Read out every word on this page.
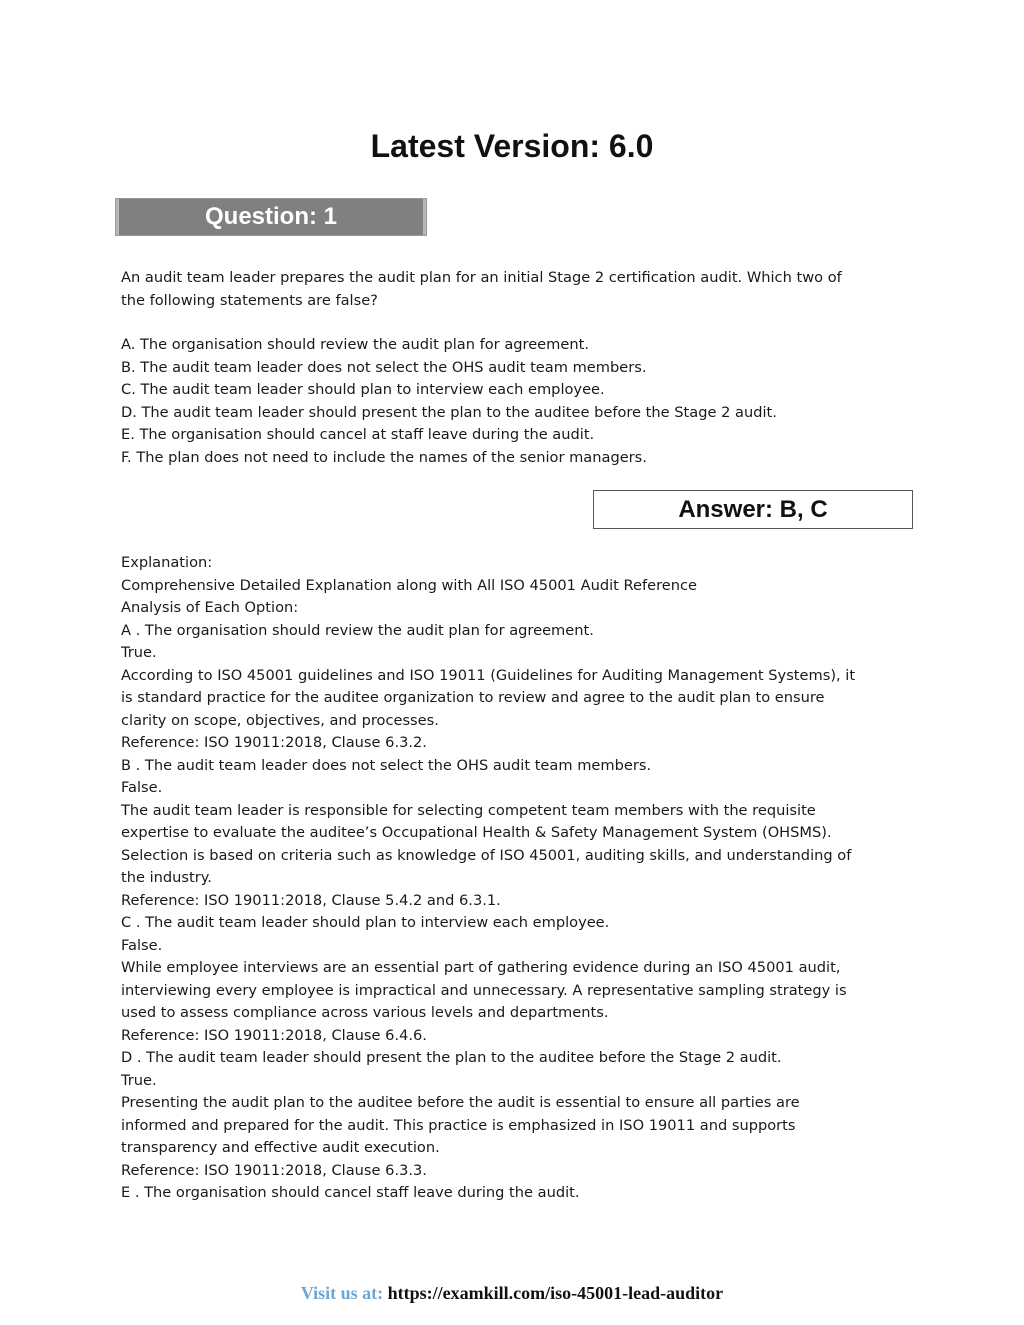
Latest Version: 6.0
Question: 1

An audit team leader prepares the audit plan for an initial Stage 2 certification audit. Which two of

the following statements are false?

A. The organisation should review the audit plan for agreement.
B. The audit team leader does not select the OHS audit team members.
C. The audit team leader should plan to interview each employee.
D. The audit team leader should present the plan to the auditee before the Stage 2 audit.
E. The organisation should cancel at staff leave during the audit.
F. The plan does not need to include the names of the senior managers.
Answer: B, C
Explanation:
Comprehensive Detailed Explanation along with All ISO 45001 Audit Reference
Analysis of Each Option:
A . The organisation should review the audit plan for agreement.
True.
According to ISO 45001 guidelines and ISO 19011 (Guidelines for Auditing Management Systems), it
is standard practice for the auditee organization to review and agree to the audit plan to ensure
clarity on scope, objectives, and processes.
Reference: ISO 19011:2018, Clause 6.3.2.
B . The audit team leader does not select the OHS audit team members.
False.
The audit team leader is responsible for selecting competent team members with the requisite
expertise to evaluate the auditee’s Occupational Health & Safety Management System (OHSMS).
Selection is based on criteria such as knowledge of ISO 45001, auditing skills, and understanding of
the industry.
Reference: ISO 19011:2018, Clause 5.4.2 and 6.3.1.
C . The audit team leader should plan to interview each employee.
False.
While employee interviews are an essential part of gathering evidence during an ISO 45001 audit,
interviewing every employee is impractical and unnecessary. A representative sampling strategy is
used to assess compliance across various levels and departments.
Reference: ISO 19011:2018, Clause 6.4.6.
D . The audit team leader should present the plan to the auditee before the Stage 2 audit.
True.
Presenting the audit plan to the auditee before the audit is essential to ensure all parties are
informed and prepared for the audit. This practice is emphasized in ISO 19011 and supports
transparency and effective audit execution.
Reference: ISO 19011:2018, Clause 6.3.3.
E . The organisation should cancel staff leave during the audit.
Visit us at: https://examkill.com/iso-45001-lead-auditor
